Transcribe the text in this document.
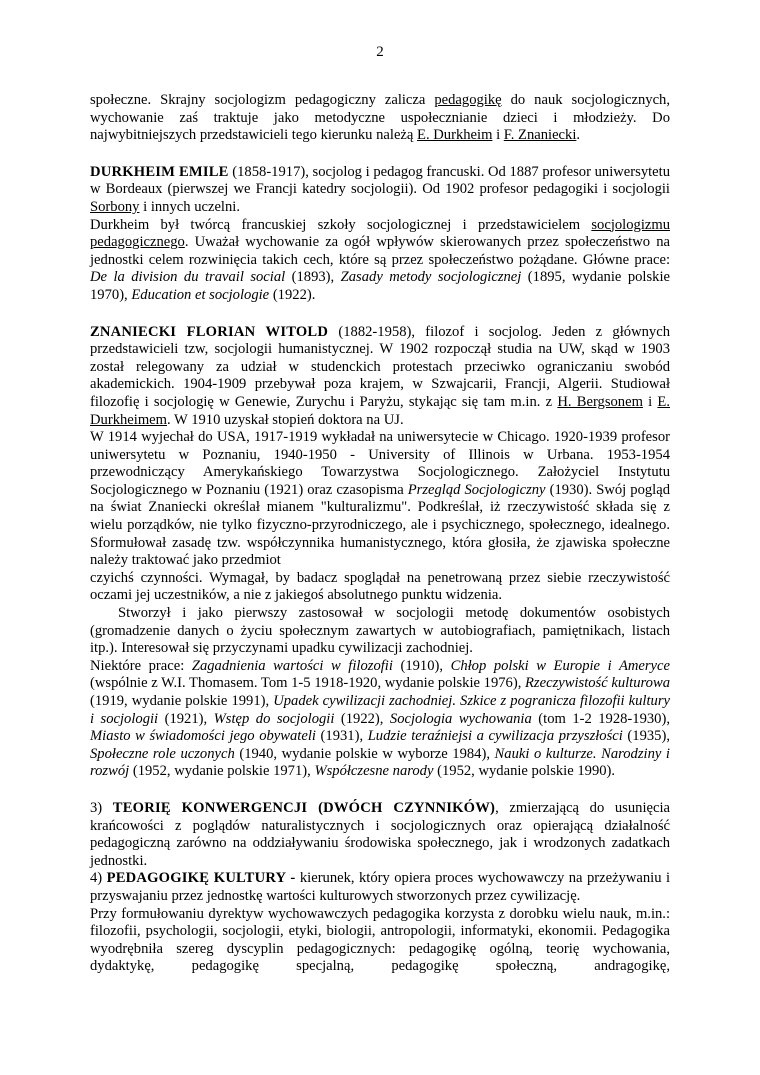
2

społeczne. Skrajny socjologizm pedagogiczny zalicza pedagogikę do nauk socjologicznych, wychowanie zaś traktuje jako metodyczne uspołecznianie dzieci i młodzieży. Do najwybitniejszych przedstawicieli tego kierunku należą E. Durkheim i F. Znaniecki.

DURKHEIM EMILE (1858-1917), socjolog i pedagog francuski. Od 1887 profesor uniwersytetu w Bordeaux (pierwszej we Francji katedry socjologii). Od 1902 profesor pedagogiki i socjologii Sorbony i innych uczelni.

Durkheim był twórcą francuskiej szkoły socjologicznej i przedstawicielem socjologizmu pedagogicznego. Uważał wychowanie za ogół wpływów skierowanych przez społeczeństwo na jednostki celem rozwinięcia takich cech, które są przez społeczeństwo pożądane. Główne prace: De la division du travail social (1893), Zasady metody socjologicznej (1895, wydanie polskie 1970), Education et socjologie (1922).

ZNANIECKI FLORIAN WITOLD (1882-1958), filozof i socjolog. Jeden z głównych przedstawicieli tzw, socjologii humanistycznej. W 1902 rozpoczął studia na UW, skąd w 1903 został relegowany za udział w studenckich protestach przeciwko ograniczaniu swobód akademickich. 1904-1909 przebywał poza krajem, w Szwajcarii, Francji, Algerii. Studiował filozofię i socjologię w Genewie, Zurychu i Paryżu, stykając się tam m.in. z H. Bergsonem i E. Durkheimem. W 1910 uzyskał stopień doktora na UJ.

W 1914 wyjechał do USA, 1917-1919 wykładał na uniwersytecie w Chicago. 1920-1939 profesor uniwersytetu w Poznaniu, 1940-1950 - University of Illinois w Urbana. 1953-1954 przewodniczący Amerykańskiego Towarzystwa Socjologicznego. Założyciel Instytutu Socjologicznego w Poznaniu (1921) oraz czasopisma Przegląd Socjologiczny (1930). Swój pogląd na świat Znaniecki określał mianem "kulturalizmu". Podkreślał, iż rzeczywistość składa się z wielu porządków, nie tylko fizyczno-przyrodniczego, ale i psychicznego, społecznego, idealnego. Sformułował zasadę tzw. współczynnika humanistycznego, która głosiła, że zjawiska społeczne należy traktować jako przedmiot

czyichś czynności. Wymagał, by badacz spoglądał na penetrowaną przez siebie rzeczywistość oczami jej uczestników, a nie z jakiegoś absolutnego punktu widzenia.

Stworzył i jako pierwszy zastosował w socjologii metodę dokumentów osobistych (gromadzenie danych o życiu społecznym zawartych w autobiografiach, pamiętnikach, listach itp.). Interesował się przyczynami upadku cywilizacji zachodniej.

Niektóre prace: Zagadnienia wartości w filozofii (1910), Chłop polski w Europie i Ameryce (wspólnie z W.I. Thomasem. Tom 1-5 1918-1920, wydanie polskie 1976), Rzeczywistość kulturowa (1919, wydanie polskie 1991), Upadek cywilizacji zachodniej. Szkice z pogranicza filozofii kultury i socjologii (1921), Wstęp do socjologii (1922), Socjologia wychowania (tom 1-2 1928-1930), Miasto w świadomości jego obywateli (1931), Ludzie teraźniejsi a cywilizacja przyszłości (1935), Społeczne role uczonych (1940, wydanie polskie w wyborze 1984), Nauki o kulturze. Narodziny i rozwój (1952, wydanie polskie 1971), Współczesne narody (1952, wydanie polskie 1990).

3) TEORIĘ KONWERGENCJI (DWÓCH CZYNNIKÓW), zmierzającą do usunięcia krańcowości z poglądów naturalistycznych i socjologicznych oraz opierającą działalność pedagogiczną zarówno na oddziaływaniu środowiska społecznego, jak i wrodzonych zadatkach jednostki.

4) PEDAGOGIKĘ KULTURY - kierunek, który opiera proces wychowawczy na przeżywaniu i przyswajaniu przez jednostkę wartości kulturowych stworzonych przez cywilizację.

Przy formułowaniu dyrektyw wychowawczych pedagogika korzysta z dorobku wielu nauk, m.in.: filozofii, psychologii, socjologii, etyki, biologii, antropologii, informatyki, ekonomii. Pedagogika wyodrębniła szereg dyscyplin pedagogicznych: pedagogikę ogólną, teorię wychowania, dydaktykę, pedagogikę specjalną, pedagogikę społeczną, andragogikę,
